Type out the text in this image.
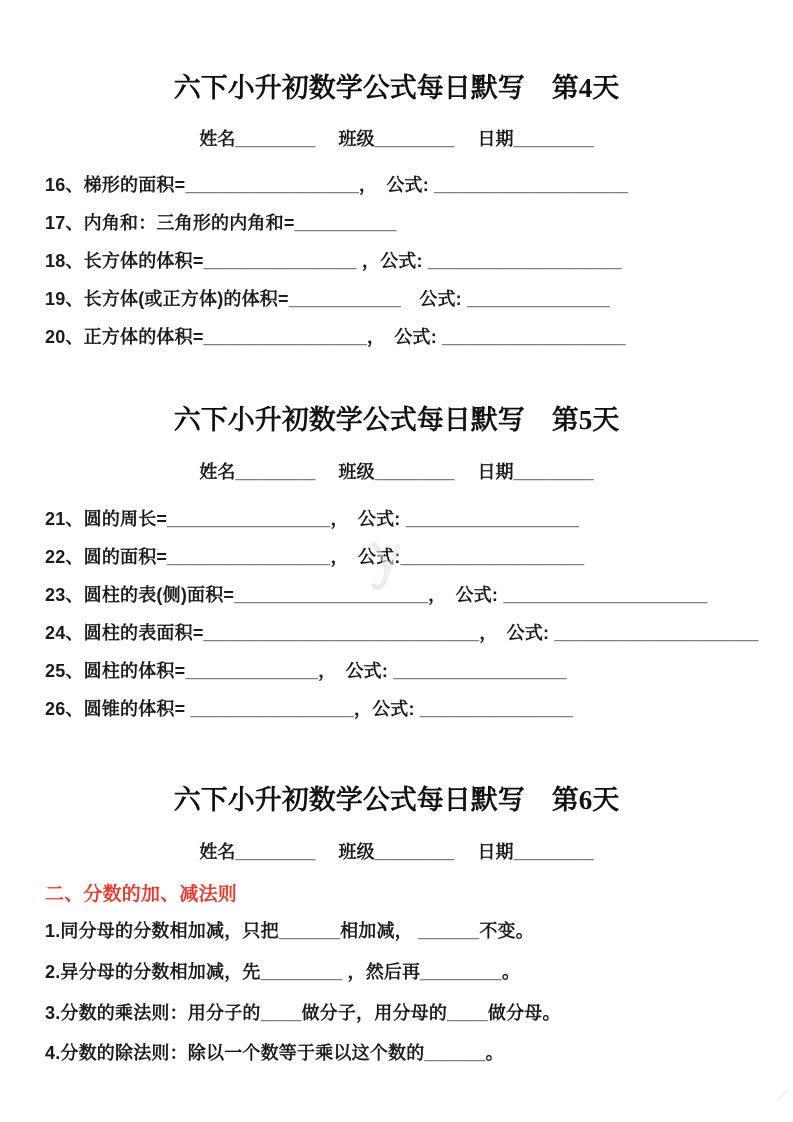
六下小升初数学公式每日默写　第4天
姓名________　 班级________　 日期________
16、梯形的面积=_________________，　公式: ___________________
17、内角和：三角形的内角和=__________
18、长方体的体积=_______________ ，公式: ___________________
19、长方体(或正方体)的体积=___________　公式: ______________
20、正方体的体积=________________，　公式: __________________
六下小升初数学公式每日默写　第5天
姓名________　 班级________　 日期________
21、圆的周长=________________，　公式: _________________
22、圆的面积=________________，　公式:__________________
23、圆柱的表(侧)面积=___________________，　公式: ____________________
24、圆柱的表面积=___________________________，　公式: ____________________
25、圆柱的体积=_____________，　公式: _________________
26、圆锥的体积= ________________，公式: _______________
六下小升初数学公式每日默写　第6天
姓名________　 班级________　 日期________
二、分数的加、减法则
1.同分母的分数相加减，只把______相加减， ______不变。
2.异分母的分数相加减，先________ ，然后再________。
3.分数的乘法则：用分子的____做分子，用分母的____做分母。
4.分数的除法则：除以一个数等于乘以这个数的______。
